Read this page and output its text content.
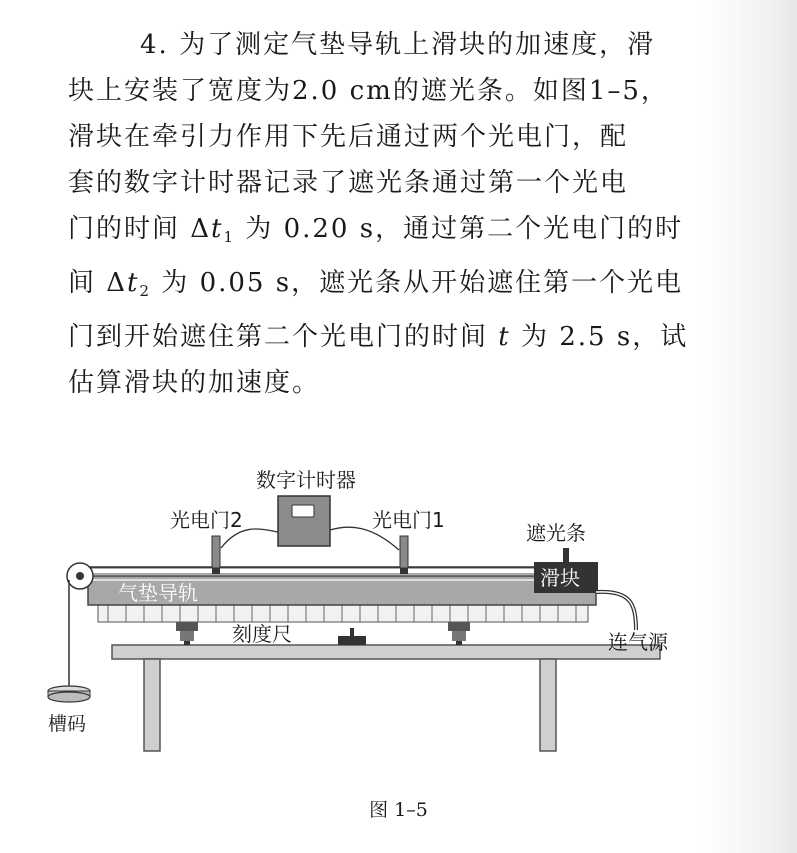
4. 为了测定气垫导轨上滑块的加速度，滑
块上安装了宽度为2.0 cm的遮光条。如图1–5，
滑块在牵引力作用下先后通过两个光电门，配
套的数字计时器记录了遮光条通过第一个光电
门的时间 $\Delta t_1$ 为 0.20 s，通过第二个光电门的时
间 $\Delta t_2$ 为 0.05 s，遮光条从开始遮住第一个光电
门到开始遮住第二个光电门的时间 t 为 2.5 s，试
估算滑块的加速度。
槽码
滑块
数字计时器
光电门2	光电门1
遮光条
气垫导轨
刻度尺	连气源
图 1–5
